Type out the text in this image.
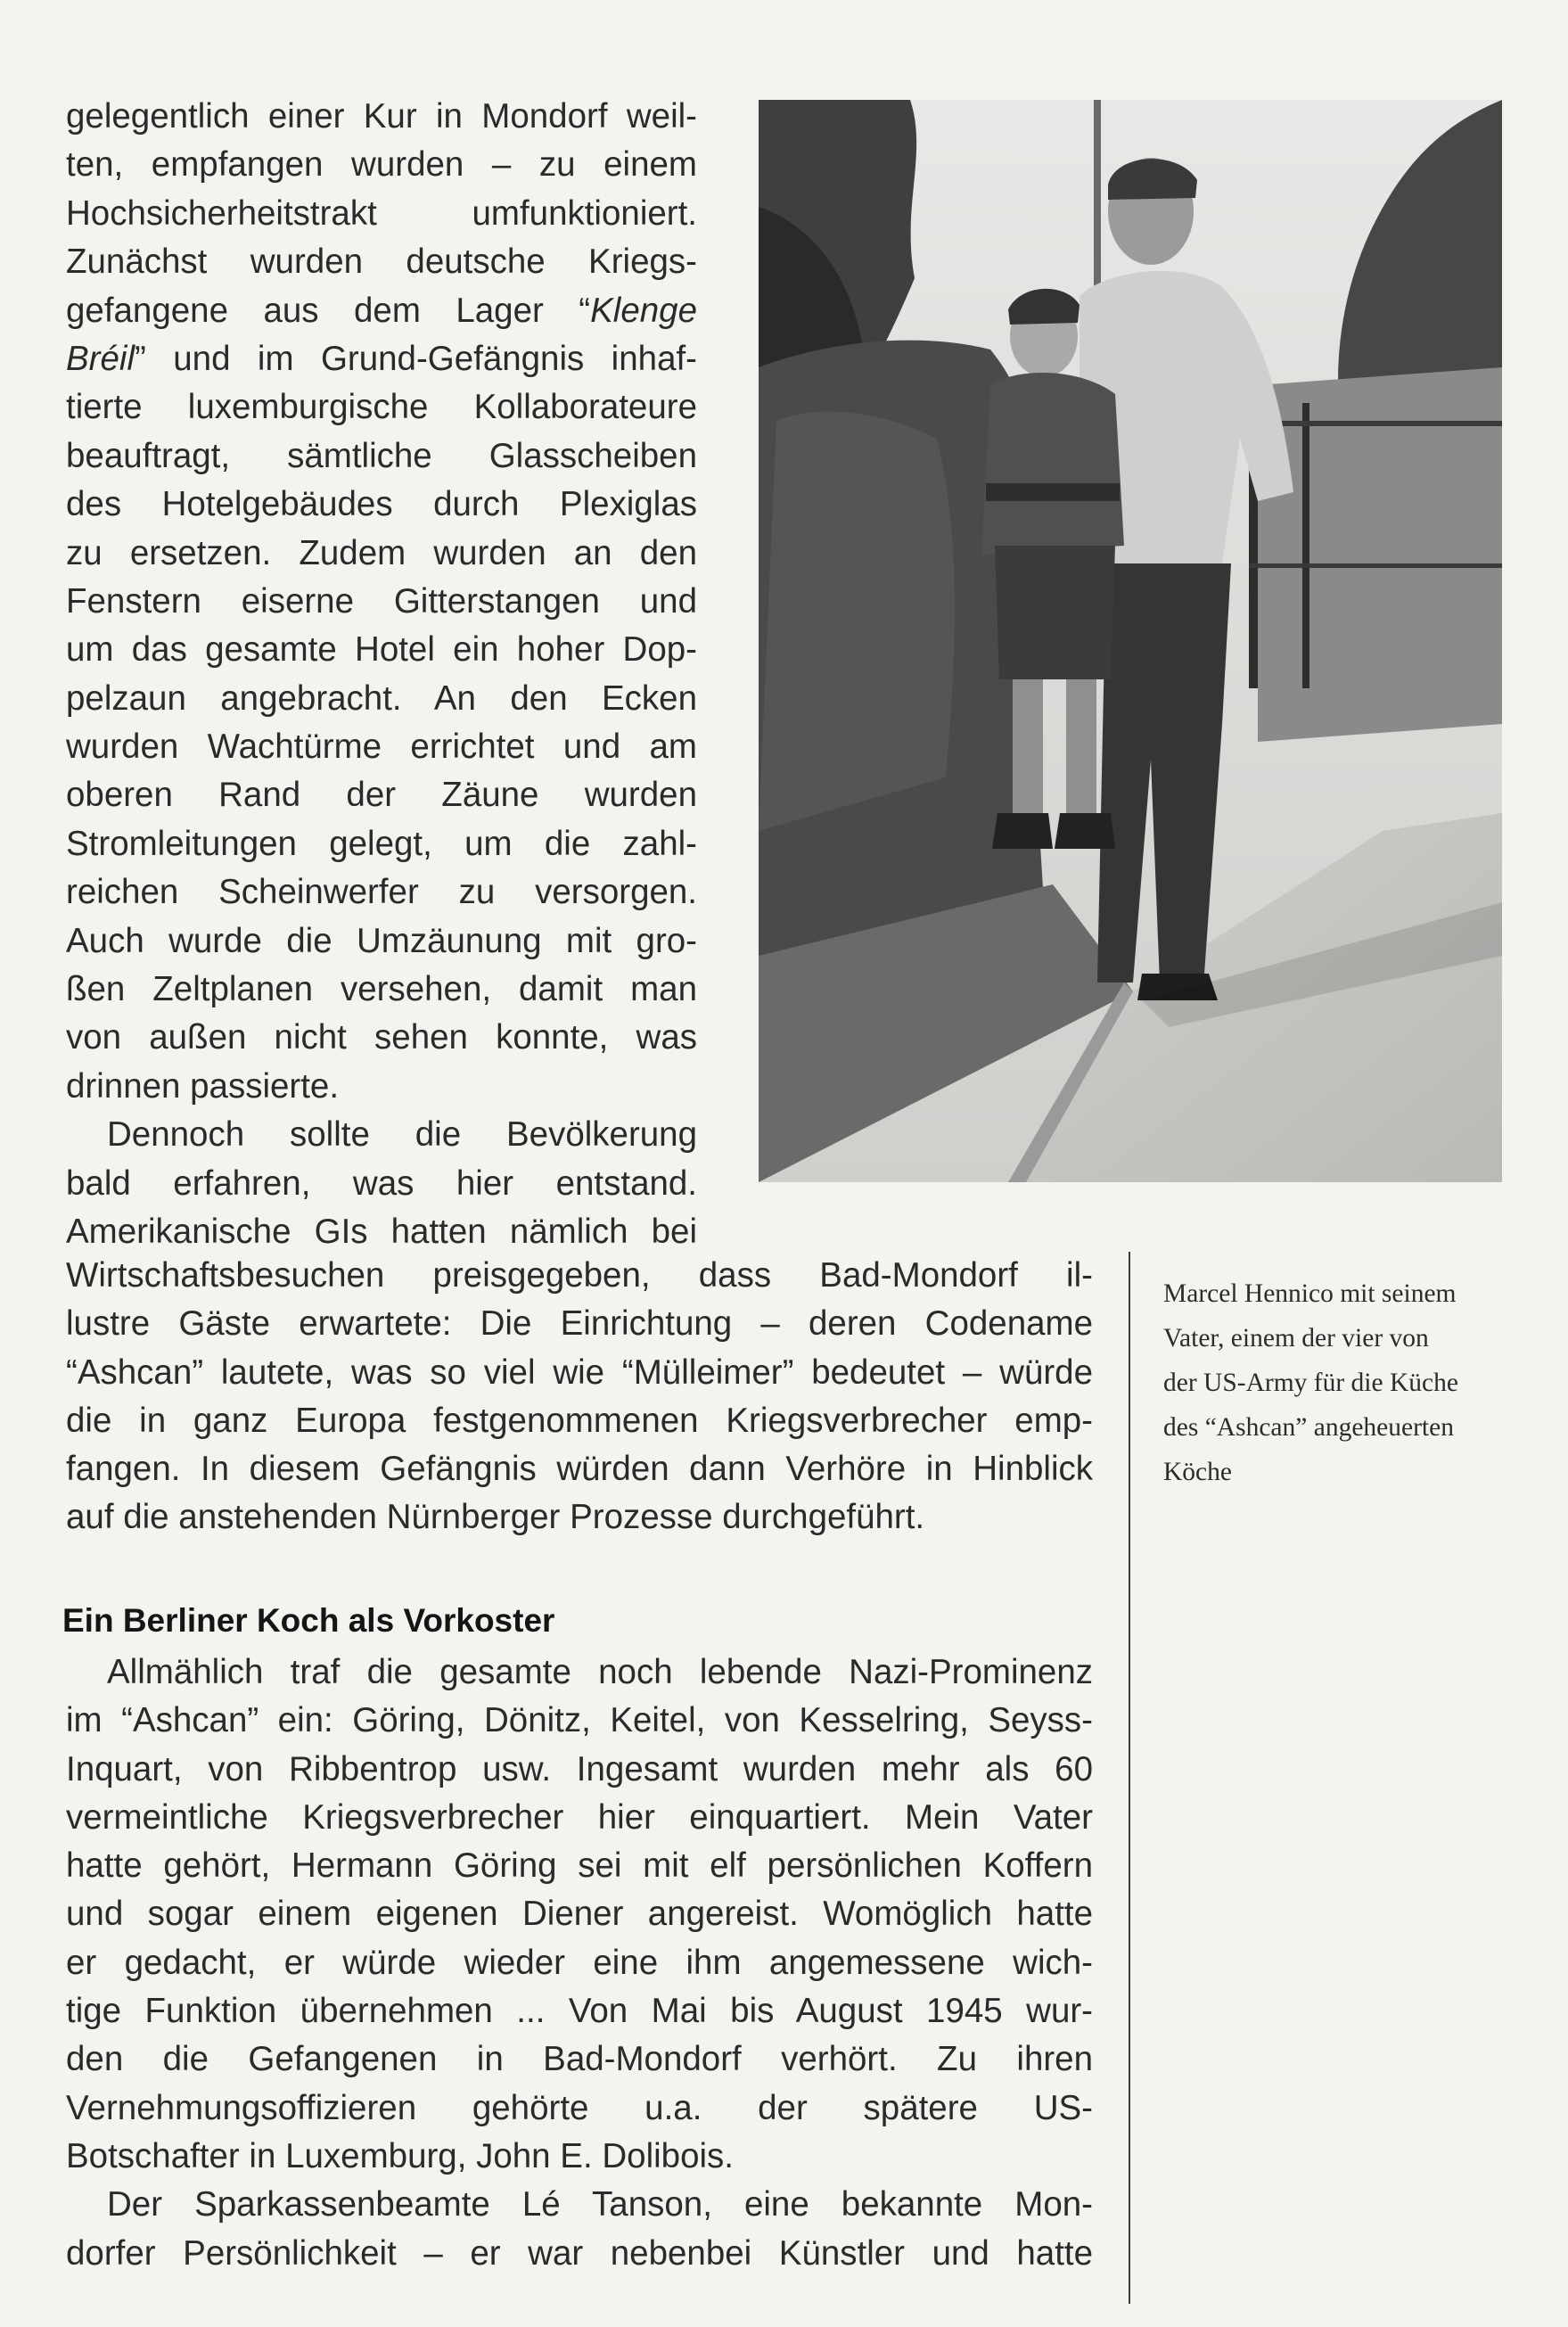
gelegentlich einer Kur in Mondorf weil-
ten, empfangen wurden – zu einem
Hochsicherheitstrakt umfunktioniert.
Zunächst wurden deutsche Kriegs-
gefangene aus dem Lager “Klenge
Bréil” und im Grund-Gefängnis inhaf-
tierte luxemburgische Kollaborateure
beauftragt, sämtliche Glasscheiben
des Hotelgebäudes durch Plexiglas
zu ersetzen. Zudem wurden an den
Fenstern eiserne Gitterstangen und
um das gesamte Hotel ein hoher Dop-
pelzaun angebracht. An den Ecken
wurden Wachtürme errichtet und am
oberen Rand der Zäune wurden
Stromleitungen gelegt, um die zahl-
reichen Scheinwerfer zu versorgen.
Auch wurde die Umzäunung mit gro-
ßen Zeltplanen versehen, damit man
von außen nicht sehen konnte, was
drinnen passierte.
Dennoch sollte die Bevölkerung
bald erfahren, was hier entstand.
Amerikanische GIs hatten nämlich bei
Wirtschaftsbesuchen preisgegeben, dass Bad-Mondorf il-
lustre Gäste erwartete: Die Einrichtung – deren Codename
“Ashcan” lautete, was so viel wie “Mülleimer” bedeutet – würde
die in ganz Europa festgenommenen Kriegsverbrecher emp-
fangen. In diesem Gefängnis würden dann Verhöre in Hinblick
auf die anstehenden Nürnberger Prozesse durchgeführt.
Ein Berliner Koch als Vorkoster
Allmählich traf die gesamte noch lebende Nazi-Prominenz
im “Ashcan” ein: Göring, Dönitz, Keitel, von Kesselring, Seyss-
Inquart, von Ribbentrop usw. Ingesamt wurden mehr als 60
vermeintliche Kriegsverbrecher hier einquartiert. Mein Vater
hatte gehört, Hermann Göring sei mit elf persönlichen Koffern
und sogar einem eigenen Diener angereist. Womöglich hatte
er gedacht, er würde wieder eine ihm angemessene wich-
tige Funktion übernehmen ... Von Mai bis August 1945 wur-
den die Gefangenen in Bad-Mondorf verhört. Zu ihren
Vernehmungsoffizieren gehörte u.a. der spätere US-
Botschafter in Luxemburg, John E. Dolibois.
Der Sparkassenbeamte Lé Tanson, eine bekannte Mon-
dorfer Persönlichkeit – er war nebenbei Künstler und hatte
Marcel Hennico mit seinem
Vater, einem der vier von
der US-Army für die Küche
des “Ashcan” angeheuerten
Köche
